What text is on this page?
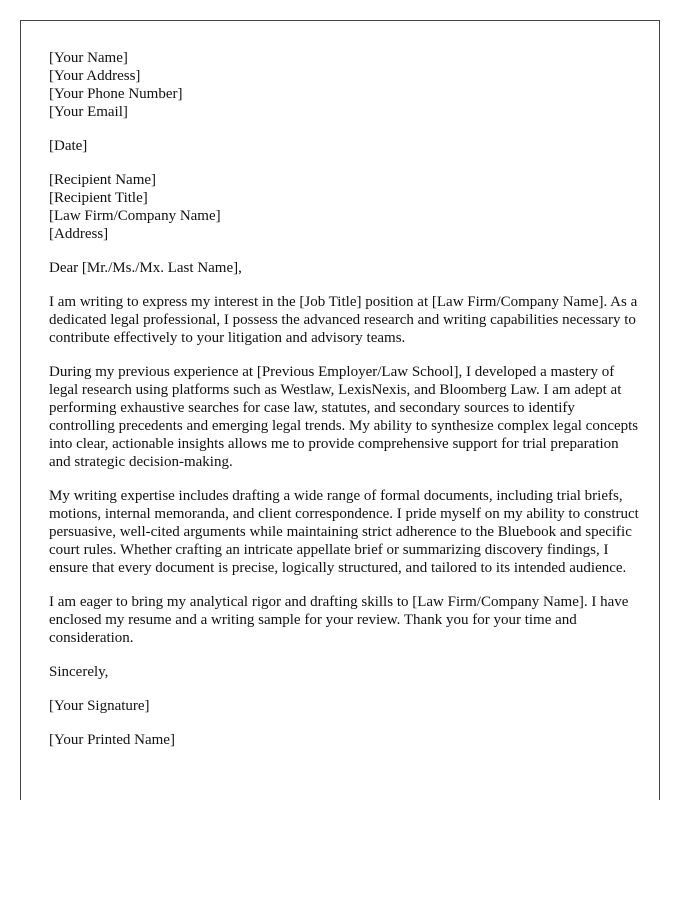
[Your Name]
[Your Address]
[Your Phone Number]
[Your Email]
[Date]
[Recipient Name]
[Recipient Title]
[Law Firm/Company Name]
[Address]
Dear [Mr./Ms./Mx. Last Name],

I am writing to express my interest in the [Job Title] position at [Law Firm/Company Name]. As a dedicated legal professional, I possess the advanced research and writing capabilities necessary to contribute effectively to your litigation and advisory teams.

During my previous experience at [Previous Employer/Law School], I developed a mastery of legal research using platforms such as Westlaw, LexisNexis, and Bloomberg Law. I am adept at performing exhaustive searches for case law, statutes, and secondary sources to identify controlling precedents and emerging legal trends. My ability to synthesize complex legal concepts into clear, actionable insights allows me to provide comprehensive support for trial preparation and strategic decision-making.

My writing expertise includes drafting a wide range of formal documents, including trial briefs, motions, internal memoranda, and client correspondence. I pride myself on my ability to construct persuasive, well-cited arguments while maintaining strict adherence to the Bluebook and specific court rules. Whether crafting an intricate appellate brief or summarizing discovery findings, I ensure that every document is precise, logically structured, and tailored to its intended audience.

I am eager to bring my analytical rigor and drafting skills to [Law Firm/Company Name]. I have enclosed my resume and a writing sample for your review. Thank you for your time and consideration.

Sincerely,
[Your Signature]
[Your Printed Name]
